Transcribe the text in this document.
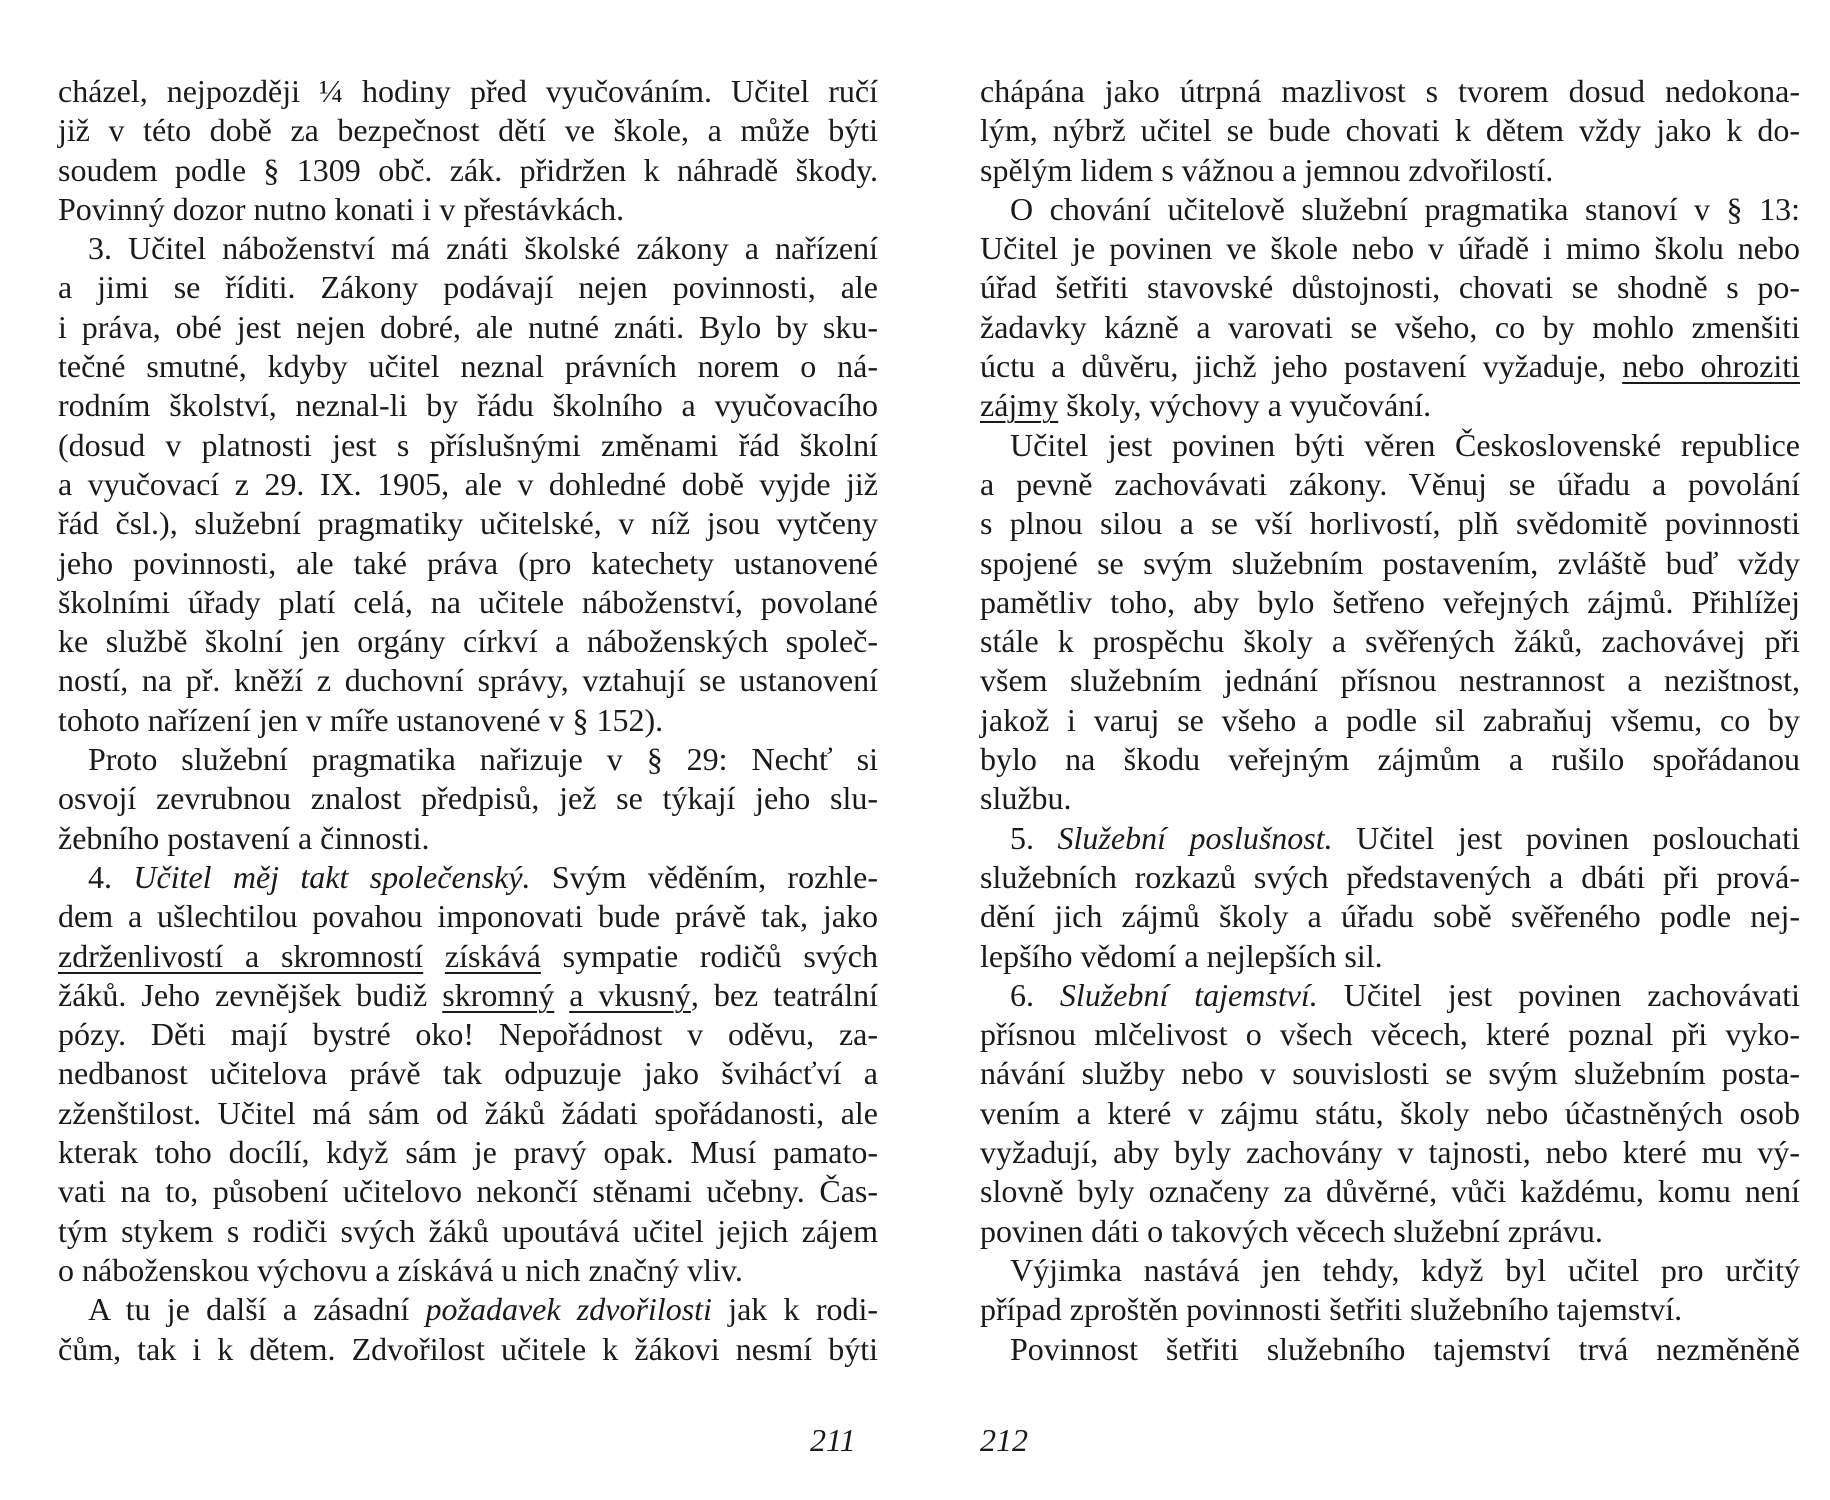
cházel, nejpozději ¼ hodiny před vyučováním. Učitel ručí
již v této době za bezpečnost dětí ve škole, a může býti
soudem podle § 1309 obč. zák. přidržen k náhradě škody.
Povinný dozor nutno konati i v přestávkách.
3. Učitel náboženství má znáti školské zákony a nařízení
a jimi se říditi. Zákony podávají nejen povinnosti, ale
i práva, obé jest nejen dobré, ale nutné znáti. Bylo by sku-
tečné smutné, kdyby učitel neznal právních norem o ná-
rodním školství, neznal-li by řádu školního a vyučovacího
(dosud v platnosti jest s příslušnými změnami řád školní
a vyučovací z 29. IX. 1905, ale v dohledné době vyjde již
řád čsl.), služební pragmatiky učitelské, v níž jsou vytčeny
jeho povinnosti, ale také práva (pro katechety ustanovené
školními úřady platí celá, na učitele náboženství, povolané
ke službě školní jen orgány církví a náboženských společ-
ností, na př. kněží z duchovní správy, vztahují se ustanovení
tohoto nařízení jen v míře ustanovené v § 152).
Proto služební pragmatika nařizuje v § 29: Nechť si
osvojí zevrubnou znalost předpisů, jež se týkají jeho slu-
žebního postavení a činnosti.
4. Učitel měj takt společenský. Svým věděním, rozhle-
dem a ušlechtilou povahou imponovati bude právě tak, jako
zdrženlivostí a skromností získává sympatie rodičů svých
žáků. Jeho zevnějšek budiž skromný a vkusný, bez teatrální
pózy. Děti mají bystré oko! Nepořádnost v oděvu, za-
nedbanost učitelova právě tak odpuzuje jako švihácťví a
zženštilost. Učitel má sám od žáků žádati spořádanosti, ale
kterak toho docílí, když sám je pravý opak. Musí pamato-
vati na to, působení učitelovo nekončí stěnami učebny. Čas-
tým stykem s rodiči svých žáků upoutává učitel jejich zájem
o náboženskou výchovu a získává u nich značný vliv.
A tu je další a zásadní požadavek zdvořilosti jak k rodi-
čům, tak i k dětem. Zdvořilost učitele k žákovi nesmí býti
211
chápána jako útrpná mazlivost s tvorem dosud nedokona-
lým, nýbrž učitel se bude chovati k dětem vždy jako k do-
spělým lidem s vážnou a jemnou zdvořilostí.
O chování učitelově služební pragmatika stanoví v § 13:
Učitel je povinen ve škole nebo v úřadě i mimo školu nebo
úřad šetřiti stavovské důstojnosti, chovati se shodně s po-
žadavky kázně a varovati se všeho, co by mohlo zmenšiti
úctu a důvěru, jichž jeho postavení vyžaduje, nebo ohroziti
zájmy školy, výchovy a vyučování.
Učitel jest povinen býti věren Československé republice
a pevně zachovávati zákony. Věnuj se úřadu a povolání
s plnou silou a se vší horlivostí, plň svědomitě povinnosti
spojené se svým služebním postavením, zvláště buď vždy
pamětliv toho, aby bylo šetřeno veřejných zájmů. Přihlížej
stále k prospěchu školy a svěřených žáků, zachovávej při
všem služebním jednání přísnou nestrannost a nezištnost,
jakož i varuj se všeho a podle sil zabraňuj všemu, co by
bylo na škodu veřejným zájmům a rušilo spořádanou
službu.
5. Služební poslušnost. Učitel jest povinen poslouchati
služebních rozkazů svých představených a dbáti při prová-
dění jich zájmů školy a úřadu sobě svěřeného podle nej-
lepšího vědomí a nejlepších sil.
6. Služební tajemství. Učitel jest povinen zachovávati
přísnou mlčelivost o všech věcech, které poznal při vyko-
návání služby nebo v souvislosti se svým služebním posta-
vením a které v zájmu státu, školy nebo účastněných osob
vyžadují, aby byly zachovány v tajnosti, nebo které mu vý-
slovně byly označeny za důvěrné, vůči každému, komu není
povinen dáti o takových věcech služební zprávu.
Výjimka nastává jen tehdy, když byl učitel pro určitý
případ zproštěn povinnosti šetřiti služebního tajemství.
Povinnost šetřiti služebního tajemství trvá nezměněně
212
